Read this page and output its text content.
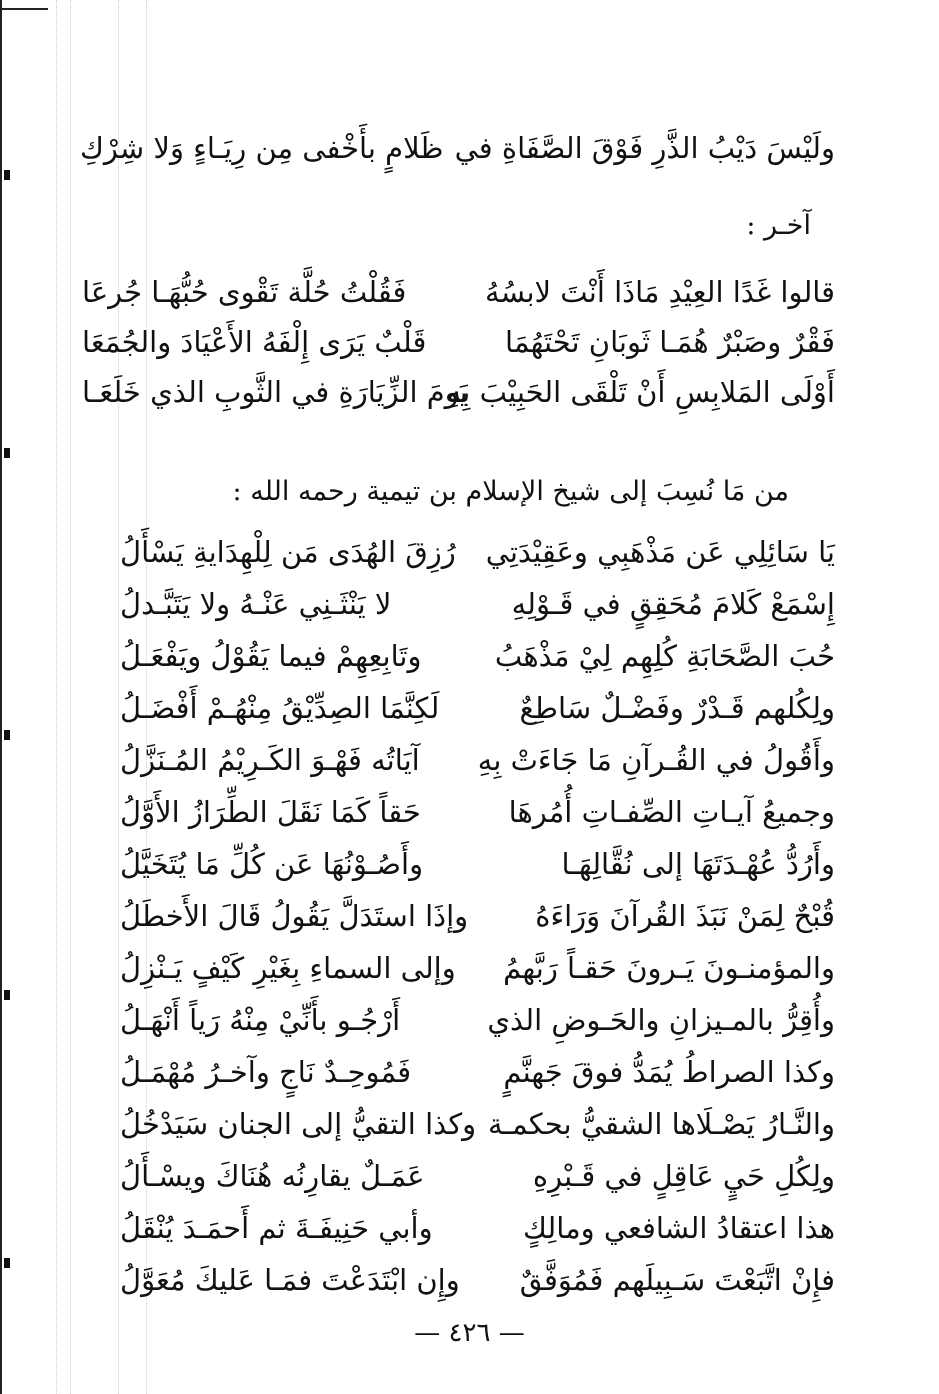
ولَيْسَ دَيْبُ الذَّرِ فَوْقَ الصَّفَاةِ في
ظَلامٍ بأَخْفى مِن رِيَـاءٍ وَلا شِرْكِ
آخـر :
قالوا غَدًا العِيْدِ مَاذَا أَنْتَ لابسُهُ
فَقُلْتُ حُلَّة تَقْوى حُبُّهَـا جُرعَا
فَقْرٌ وصَبْرٌ هُمَـا ثَوبَانِ تَحْتَهُمَا
قَلْبٌ يَرَى إِلْفَهُ الأَعْيَادَ والجُمَعَا
أَوْلَى المَلابِسِ أَنْ تَلْقَى الحَبِيْبَ بِهِ
يَومَ الزِّيَارَةِ في الثَّوبِ الذي خَلَعَـا
من مَا نُسِبَ إلى شيخ الإسلام بن تيمية رحمه الله :
يَا سَائِلِي عَن مَذْهَبِي وعَقِيْدَتِي
رُزِقَ الهُدَى مَن لِلْهِدَايةِ يَسْأَلُ
إِسْمَعْ كَلامَ مُحَقِقٍ في قَـوْلِهِ
لا يَنْثَـنِي عَنْـهُ ولا يَتَبَّـدلُ
حُبَ الصَّحَابَةِ كُلِهِم لِيْ مَذْهَبُ
وتَابِعِهِمْ فيما يَقُوْلُ ويَفْعَـلُ
ولِكُلهم قَـدْرٌ وفَضْـلٌ سَاطِعٌ
لَكِنَّمَا الصِدِّيْقُ مِنْهُـمْ أَفْضَـلُ
وأَقُولُ في القُـرآنِ مَا جَاءَتْ بِهِ
آيَاتُه فَهْـوَ الكَـرِيْمُ المُـنَزَّلُ
وجميعُ آيـاتِ الصِّفـاتِ أُمُرهَا
حَقاً كَمَا نَقَلَ الطِّرَازُ الأَوَّلُ
وأَرُدُّ عُهْـدَتَهَا إلى نُقَّالِهَـا
وأَصُـوْنُهَا عَن كُلِّ مَا يُتَخَيَّلُ
قُبْحٌ لِمَنْ نَبَذَ القُرآنَ وَرَاءَهُ
وإذَا استَدَلَّ يَقُولُ قَالَ الأَخطَلُ
والمؤمنـونَ يَـرونَ حَقـاً رَبَّهمُ
وإلى السماءِ بِغَيْرِ كَيْفٍ يَـنْزِلُ
وأُقِرُّ بالمـيزانِ والحَـوضِ الذي
أَرْجُـو بأَنِّيْ مِنْهُ رَياً أَنْهَـلُ
وكذا الصراطُ يُمَدُّ فوقَ جَهنَّمٍ
فَمُوحِـدٌ نَاجٍ وآخـرُ مُهْمَـلُ
والنَّـارُ يَصْـلَاها الشقيُّ بحكمـة
وكذا التقيُّ إلى الجنان سَيَدْخُلُ
ولِكُلِ حَيٍ عَاقِلٍ في قَـبْرِهِ
عَمَـلٌ يقارِنُه هُنَاكَ ويسْـأَلُ
هذا اعتقادُ الشافعي ومالِكٍ
وأبي حَنِيفَـةَ ثم أَحمَـدَ يُنْقَلُ
فإِنْ اتَّبَعْتَ سَـبِيلَهم فَمُوَفَّقٌ
وإِن ابْتَدَعْتَ فمَـا عَليكَ مُعَوَّلُ
— ٤٢٦ —
